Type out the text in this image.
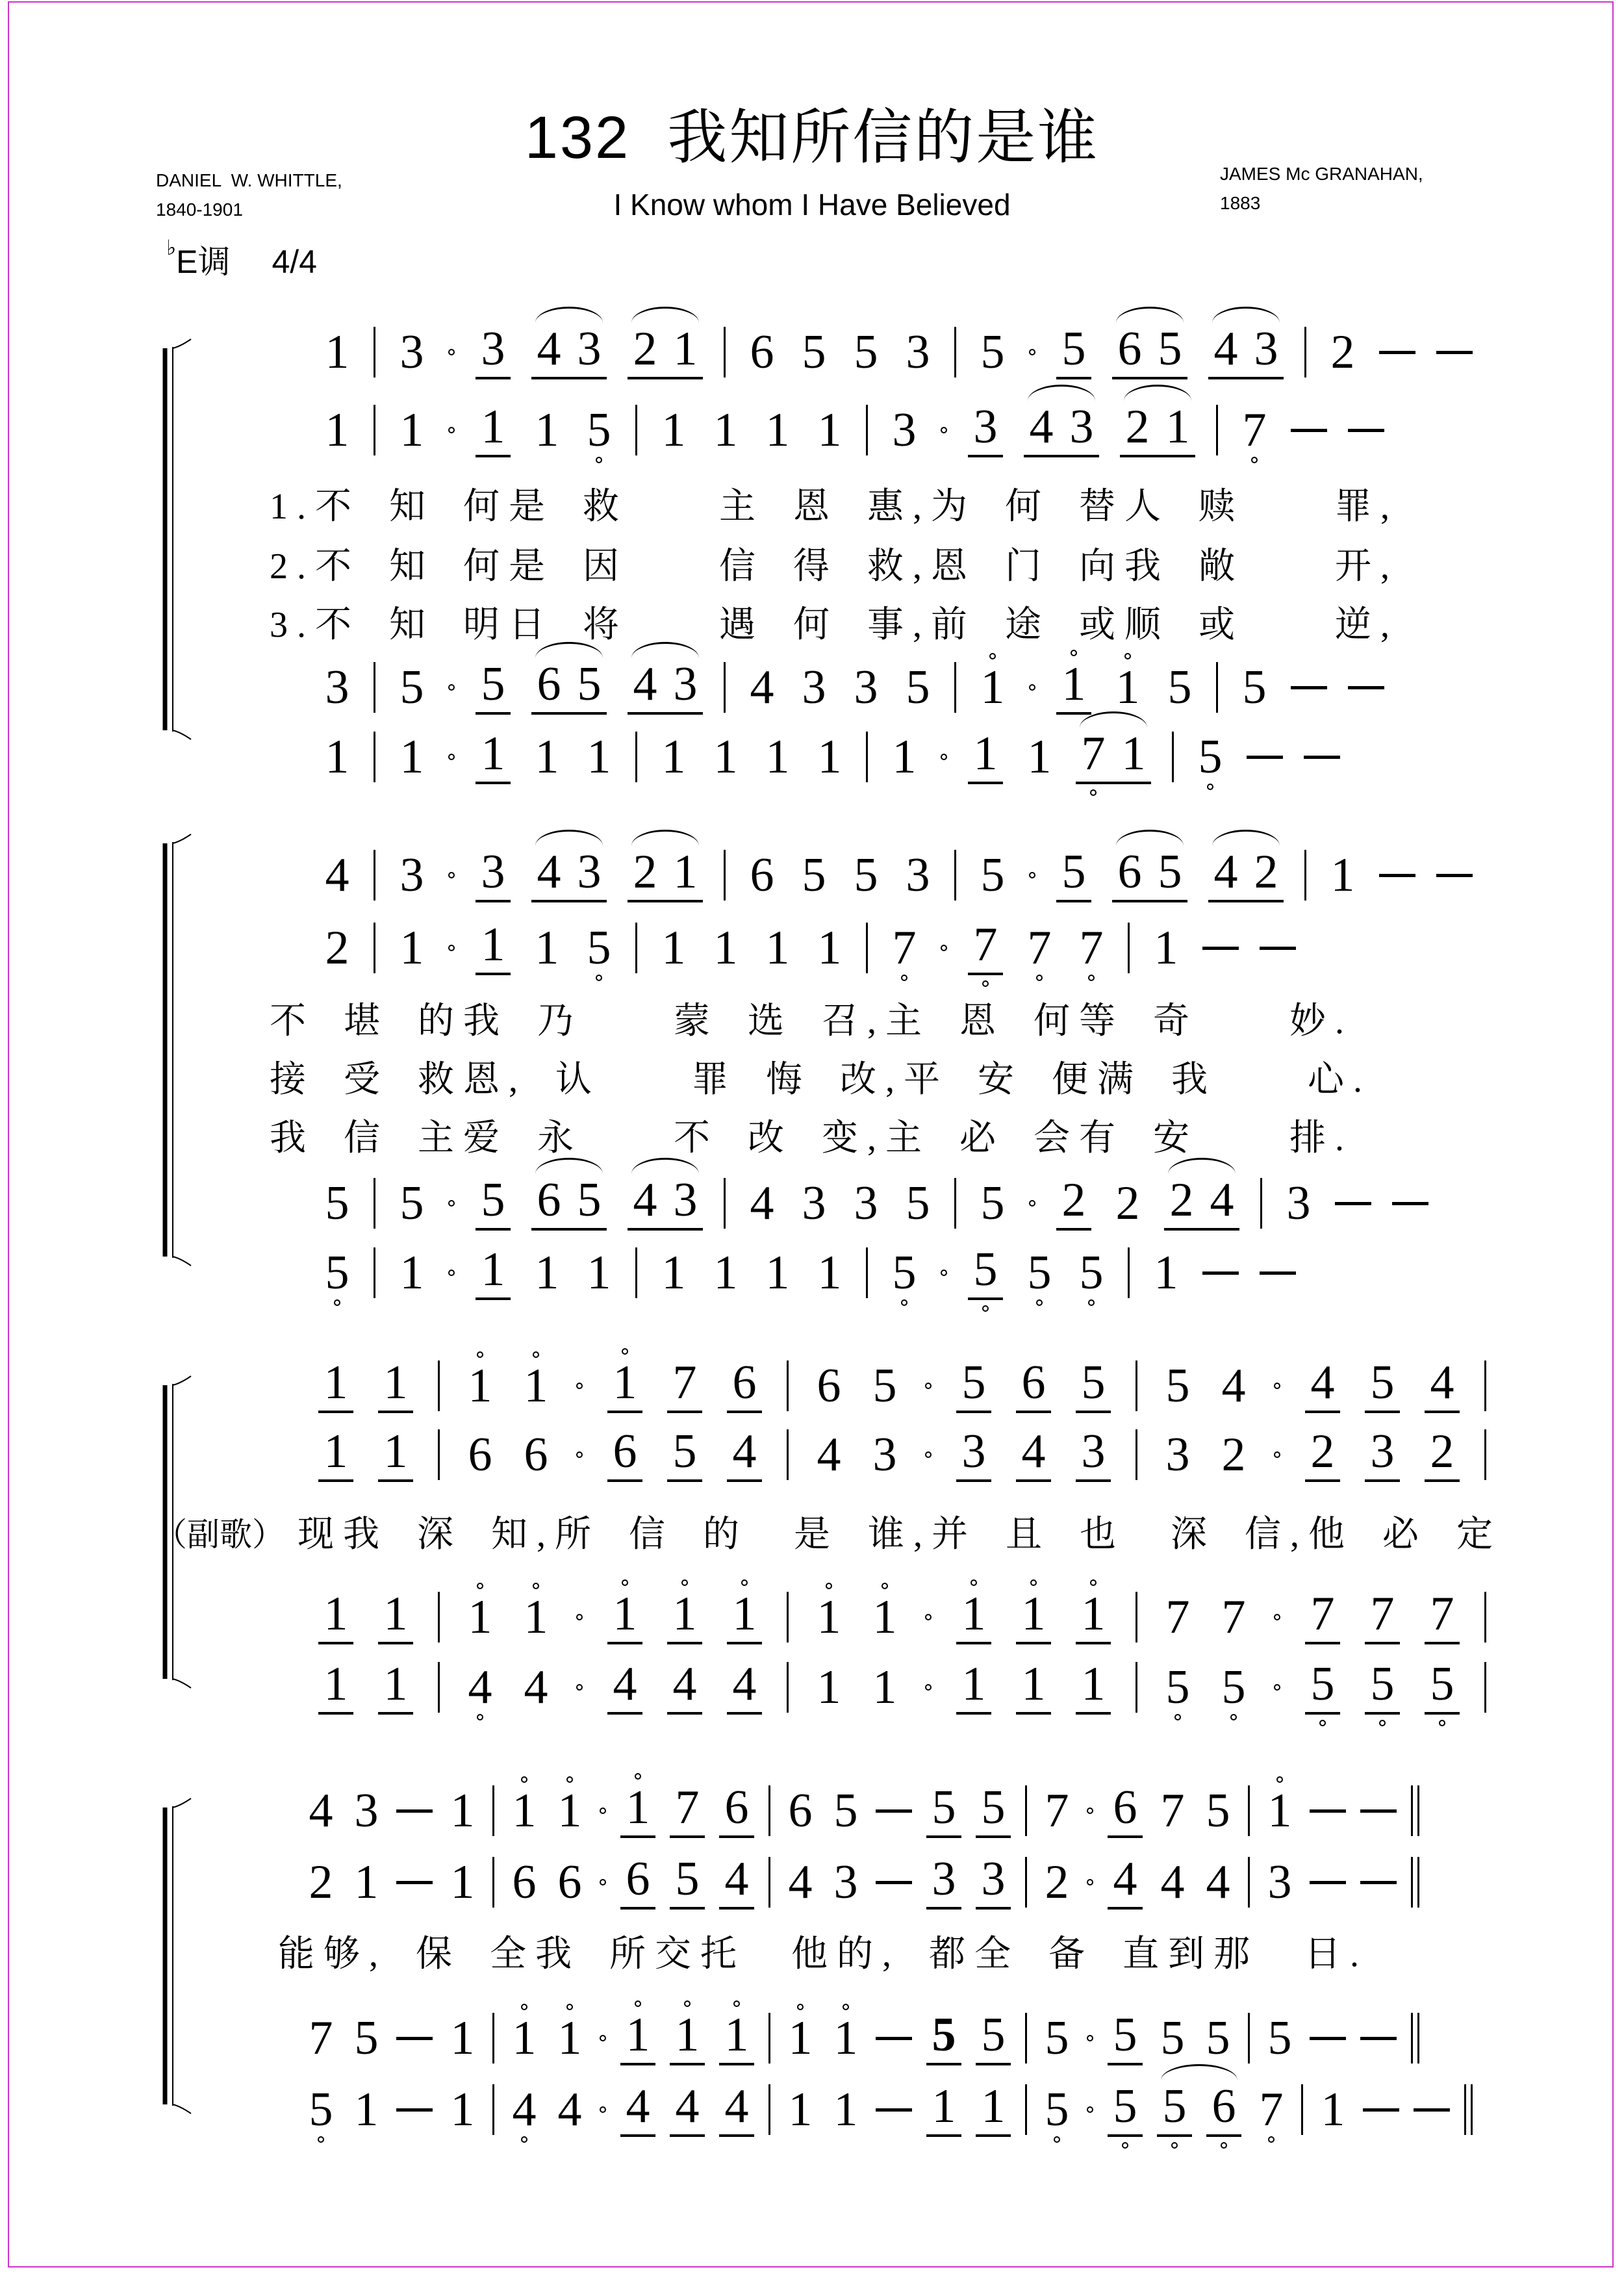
132  我知所信的是谁
I Know whom I Have Believed
DANIEL  W. WHITTLE,
1840-1901
JAMES Mc GRANAHAN,
1883
♭E调 4/4
1 3 3 4 3 2 1 6 5 5 3 5 5 6 5 4 3 2
1 1 1 1 5 1 1 1 1 3 3 4 3 2 1 7
1.不 知 何是 救　　主 恩 惠,为 何 替人 赎　　罪,
2.不 知 何是 因　　信 得 救,恩 门 向我 敞　　开,
3.不 知 明日 将　　遇 何 事,前 途 或顺 或　　逆,
3 5 5 6 5 4 3 4 3 3 5 1 1 1 5 5
1 1 1 1 1 1 1 1 1 1 1 1 7 1 5
4 3 3 4 3 2 1 6 5 5 3 5 5 6 5 4 2 1
2 1 1 1 5 1 1 1 1 7 7 7 7 1
不 堪 的我 乃　　蒙 选 召,主 恩 何等 奇　　妙.
接 受 救恩, 认　　罪 悔 改,平 安 便满 我　　心.
我 信 主爱 永　　不 改 变,主 必 会有 安　　排.
5 5 5 6 5 4 3 4 3 3 5 5 2 2 2 4 3
5 1 1 1 1 1 1 1 1 5 5 5 5 1
1 1 1 1 1 7 6 6 5 5 6 5 5 4 4 5 4
1 1 6 6 6 5 4 4 3 3 4 3 3 2 2 3 2
（副歌） 现我 深 知,所 信 的　是 谁,并 且 也　深 信,他 必 定
1 1 1 1 1 1 1 1 1 1 1 1 7 7 7 7 7
1 1 4 4 4 4 4 1 1 1 1 1 5 5 5 5 5
4 3 1 1 1 1 7 6 6 5 5 5 7 6 7 5 1
2 1 1 6 6 6 5 4 4 3 3 3 2 4 4 4 3
能够, 保 全我 所交托　他的, 都全 备 直到那　日.
7 5 1 1 1 1 1 1 1 1 5 5 5 5 5 5 5
5 1 1 4 4 4 4 4 1 1 1 1 5 5 5 6 7 1
